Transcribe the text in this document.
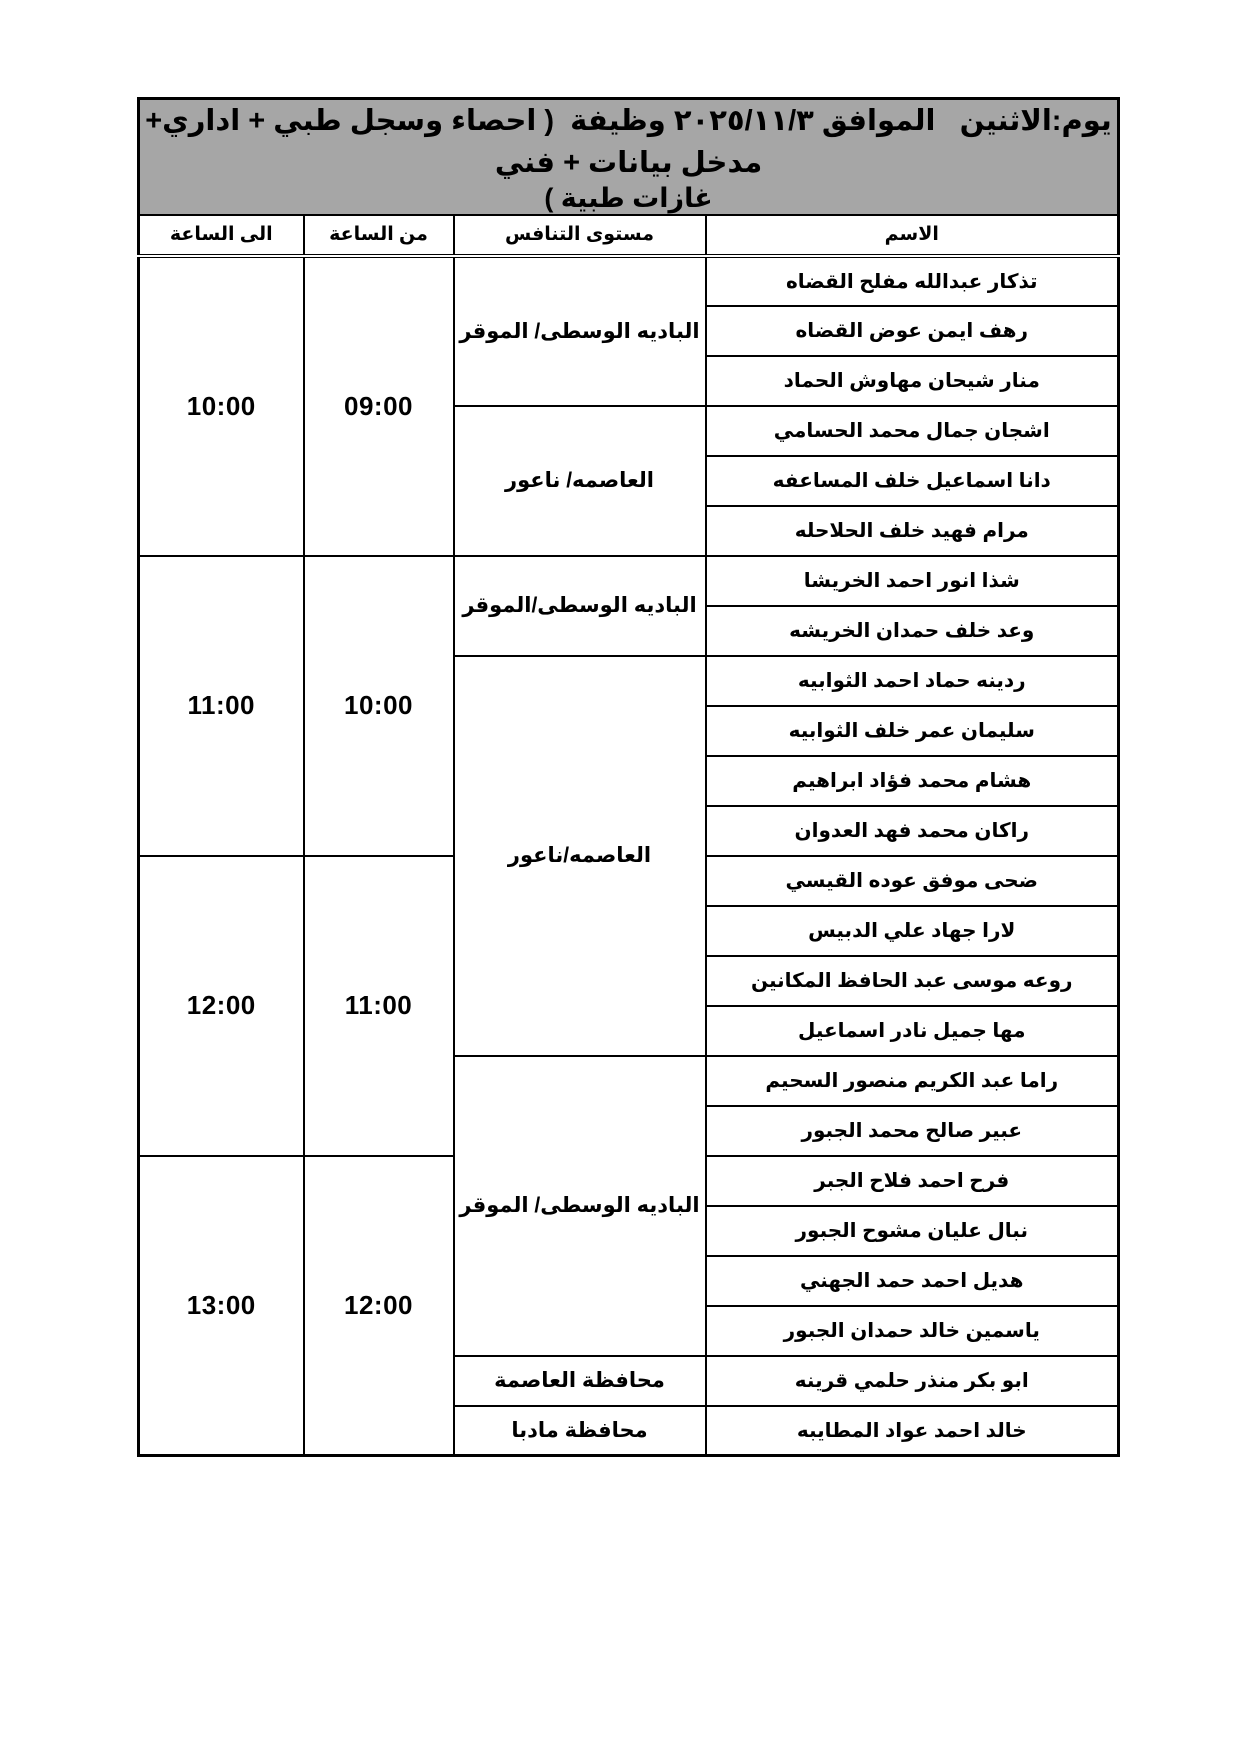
يوم:الاثنين   الموافق ٢٠٢٥/١١/٣ وظيفة  ( احصاء وسجل طبي + اداري+ مدخل بيانات + فني
غازات طبية )			

الاسم	مستوى التنافس	من الساعة	الى الساعة
تذكار عبدالله مفلح القضاه	الباديه الوسطى/ الموقر	09:00	10:00
رهف ايمن عوض القضاه			
منار شيحان مهاوش الحماد			
اشجان جمال محمد الحسامي	العاصمه/ ناعور		
دانا اسماعيل خلف المساعفه			
مرام فهيد خلف الحلاحله			
شذا انور احمد الخريشا	الباديه الوسطى/الموقر	10:00	11:00
وعد خلف حمدان الخريشه			
ردينه حماد احمد الثوابيه	العاصمه/ناعور		
سليمان عمر خلف الثوابيه			
هشام محمد فؤاد ابراهيم			
راكان محمد فهد العدوان			
ضحى موفق عوده القيسي		11:00	12:00
لارا جهاد علي الدبيس			
روعه موسى عبد الحافظ المكانين			
مها جميل نادر اسماعيل			
راما عبد الكريم منصور السحيم	الباديه الوسطى/ الموقر		
عبير صالح محمد الجبور			
فرح احمد فلاح الجبر		12:00	13:00
نبال عليان مشوح الجبور			
هديل احمد حمد الجهني			
ياسمين خالد حمدان الجبور			
ابو بكر منذر حلمي قرينه	محافظة العاصمة		
خالد احمد عواد المطايبه	محافظة مادبا		
